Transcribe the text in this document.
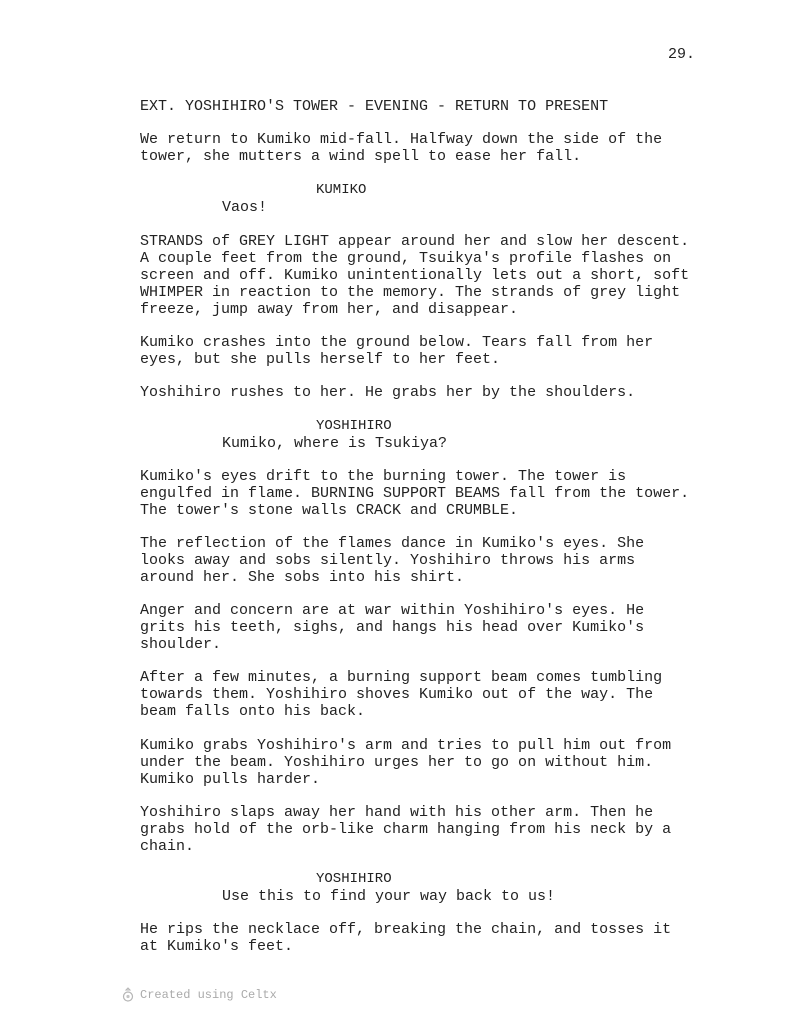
29.
EXT. YOSHIHIRO'S TOWER - EVENING - RETURN TO PRESENT
We return to Kumiko mid-fall. Halfway down the side of the
tower, she mutters a wind spell to ease her fall.
KUMIKO
Vaos!
STRANDS of GREY LIGHT appear around her and slow her descent.
A couple feet from the ground, Tsuikya's profile flashes on
screen and off. Kumiko unintentionally lets out a short, soft
WHIMPER in reaction to the memory. The strands of grey light
freeze, jump away from her, and disappear.
Kumiko crashes into the ground below. Tears fall from her
eyes, but she pulls herself to her feet.
Yoshihiro rushes to her. He grabs her by the shoulders.
YOSHIHIRO
Kumiko, where is Tsukiya?
Kumiko's eyes drift to the burning tower. The tower is
engulfed in flame. BURNING SUPPORT BEAMS fall from the tower.
The tower's stone walls CRACK and CRUMBLE.
The reflection of the flames dance in Kumiko's eyes. She
looks away and sobs silently. Yoshihiro throws his arms
around her. She sobs into his shirt.
Anger and concern are at war within Yoshihiro's eyes. He
grits his teeth, sighs, and hangs his head over Kumiko's
shoulder.
After a few minutes, a burning support beam comes tumbling
towards them. Yoshihiro shoves Kumiko out of the way. The
beam falls onto his back.
Kumiko grabs Yoshihiro's arm and tries to pull him out from
under the beam. Yoshihiro urges her to go on without him.
Kumiko pulls harder.
Yoshihiro slaps away her hand with his other arm. Then he
grabs hold of the orb-like charm hanging from his neck by a
chain.
YOSHIHIRO
Use this to find your way back to us!
He rips the necklace off, breaking the chain, and tosses it
at Kumiko's feet.
Created using Celtx
